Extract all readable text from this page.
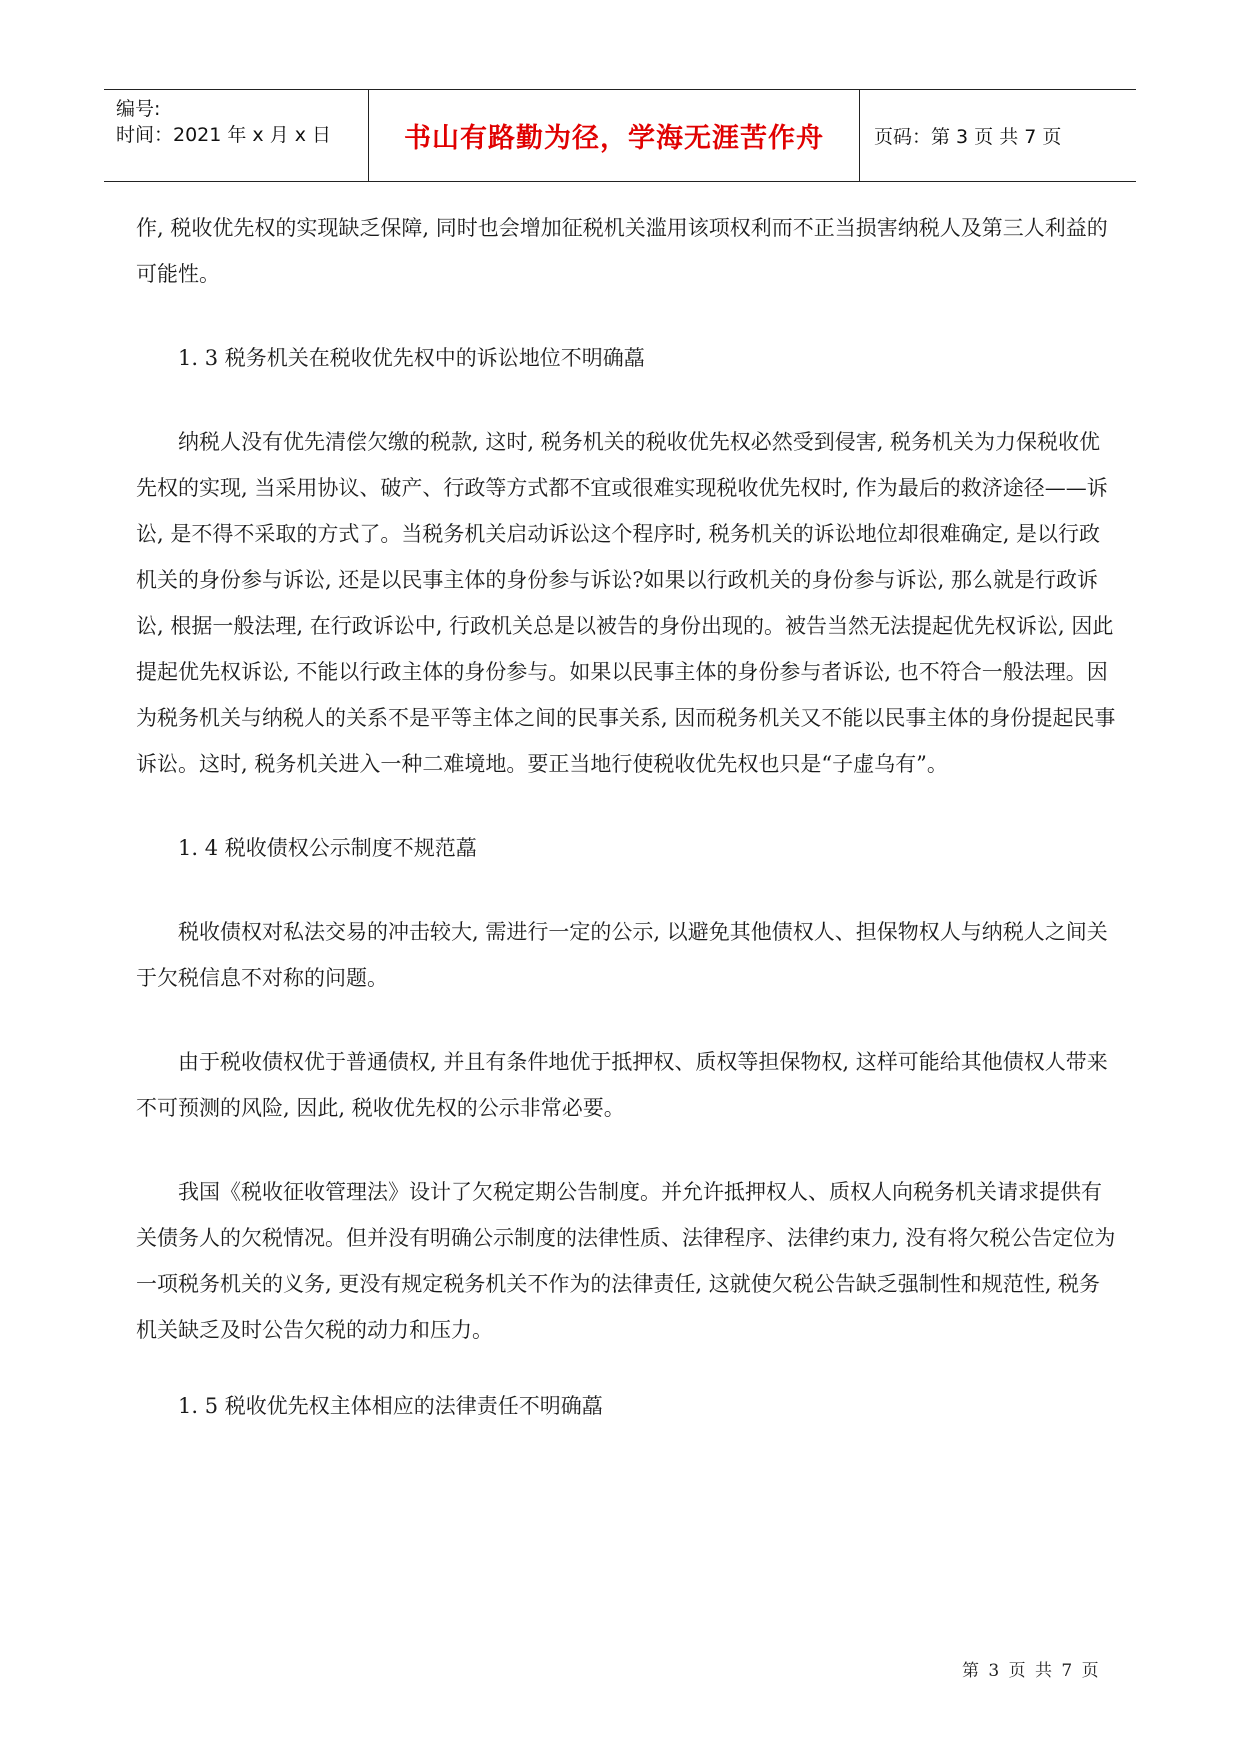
编号:
时间：2021 年 x 月 x 日	书山有路勤为径，学海无涯苦作舟	页码：第 3 页 共 7 页

作, 税收优先权的实现缺乏保障, 同时也会增加征税机关滥用该项权利而不正当损害纳税人及第三人利益的可能性。

1. 3 税务机关在税收优先权中的诉讼地位不明确藠

纳税人没有优先清偿欠缴的税款, 这时, 税务机关的税收优先权必然受到侵害, 税务机关为力保税收优先权的实现, 当采用协议、破产、行政等方式都不宜或很难实现税收优先权时, 作为最后的救济途径——诉讼, 是不得不采取的方式了。当税务机关启动诉讼这个程序时, 税务机关的诉讼地位却很难确定, 是以行政机关的身份参与诉讼, 还是以民事主体的身份参与诉讼?如果以行政机关的身份参与诉讼, 那么就是行政诉讼, 根据一般法理, 在行政诉讼中, 行政机关总是以被告的身份出现的。被告当然无法提起优先权诉讼, 因此提起优先权诉讼, 不能以行政主体的身份参与。如果以民事主体的身份参与者诉讼, 也不符合一般法理。因为税务机关与纳税人的关系不是平等主体之间的民事关系, 因而税务机关又不能以民事主体的身份提起民事诉讼。这时, 税务机关进入一种二难境地。要正当地行使税收优先权也只是“子虚乌有”。

1. 4 税收债权公示制度不规范藠

税收债权对私法交易的冲击较大, 需进行一定的公示, 以避免其他债权人、担保物权人与纳税人之间关于欠税信息不对称的问题。

由于税收债权优于普通债权, 并且有条件地优于抵押权、质权等担保物权, 这样可能给其他债权人带来不可预测的风险, 因此, 税收优先权的公示非常必要。

我国《税收征收管理法》设计了欠税定期公告制度。并允许抵押权人、质权人向税务机关请求提供有关债务人的欠税情况。但并没有明确公示制度的法律性质、法律程序、法律约束力, 没有将欠税公告定位为一项税务机关的义务, 更没有规定税务机关不作为的法律责任, 这就使欠税公告缺乏强制性和规范性, 税务机关缺乏及时公告欠税的动力和压力。

1. 5 税收优先权主体相应的法律责任不明确藠

第 3 页 共 7 页
